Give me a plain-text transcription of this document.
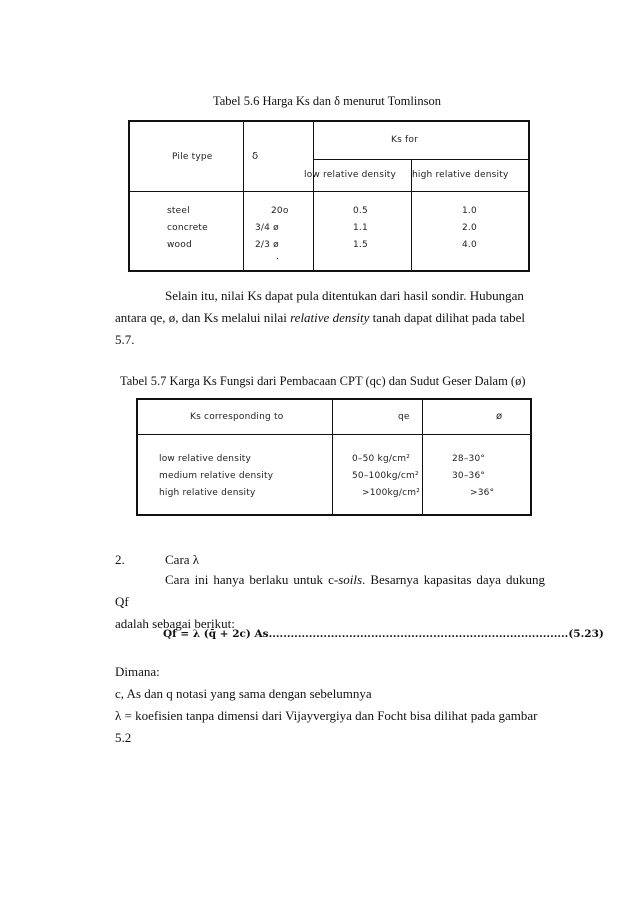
Tabel 5.6 Harga Ks dan δ menurut Tomlinson
Pile type	δ
Ks for
low relative density high relative density
steel	20o	0.5	1.0
concrete	3/4 ø	1.1	2.0
wood	2/3 ø	1.5	4.0
.
Selain itu, nilai Ks dapat pula ditentukan dari hasil sondir. Hubungan
antara qe, ø, dan Ks melalui nilai relative density tanah dapat dilihat pada tabel
5.7.
Tabel 5.7 Karga Ks Fungsi dari Pembacaan CPT (qc) dan Sudut Geser Dalam (ø)
Ks corresponding to	qe	ø
low relative density	0–50 kg/cm²	28–30°
medium relative density	50–100kg/cm²	30–36°
high relative density	>100kg/cm²	>36°
2.	Cara λ
Cara ini hanya berlaku untuk c-soils. Besarnya kapasitas daya dukung Qf
adalah sebagai berikut:
Qf = λ (q̄ + 2c) As..................................................................................(5.23)
Dimana:
c, As dan q notasi yang sama dengan sebelumnya
λ = koefisien tanpa dimensi dari Vijayvergiya dan Focht bisa dilihat pada gambar
5.2
